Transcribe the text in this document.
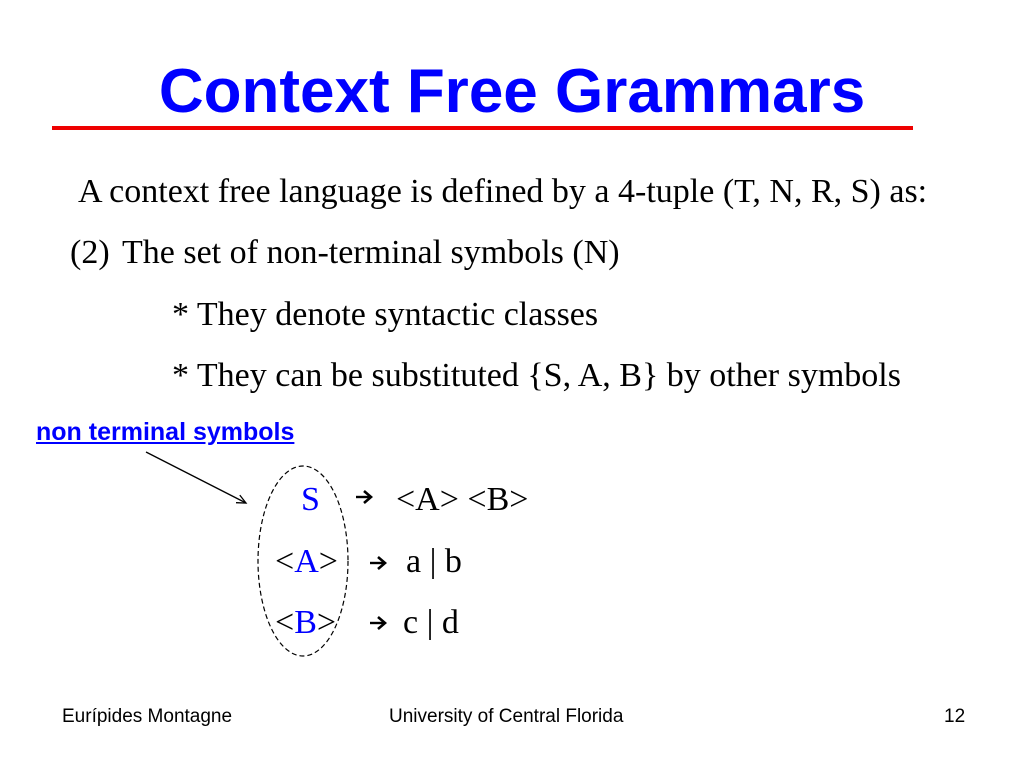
Context Free Grammars
A context free language is defined by a 4-tuple (T, N, R, S) as:
(2) The set of non-terminal symbols (N)
* They denote syntactic classes
* They can be substituted {S, A, B} by other symbols
non terminal symbols
S <A> <B>
<A> a | b
<B> c | d
Eurípides Montagne	University of Central Florida	12
